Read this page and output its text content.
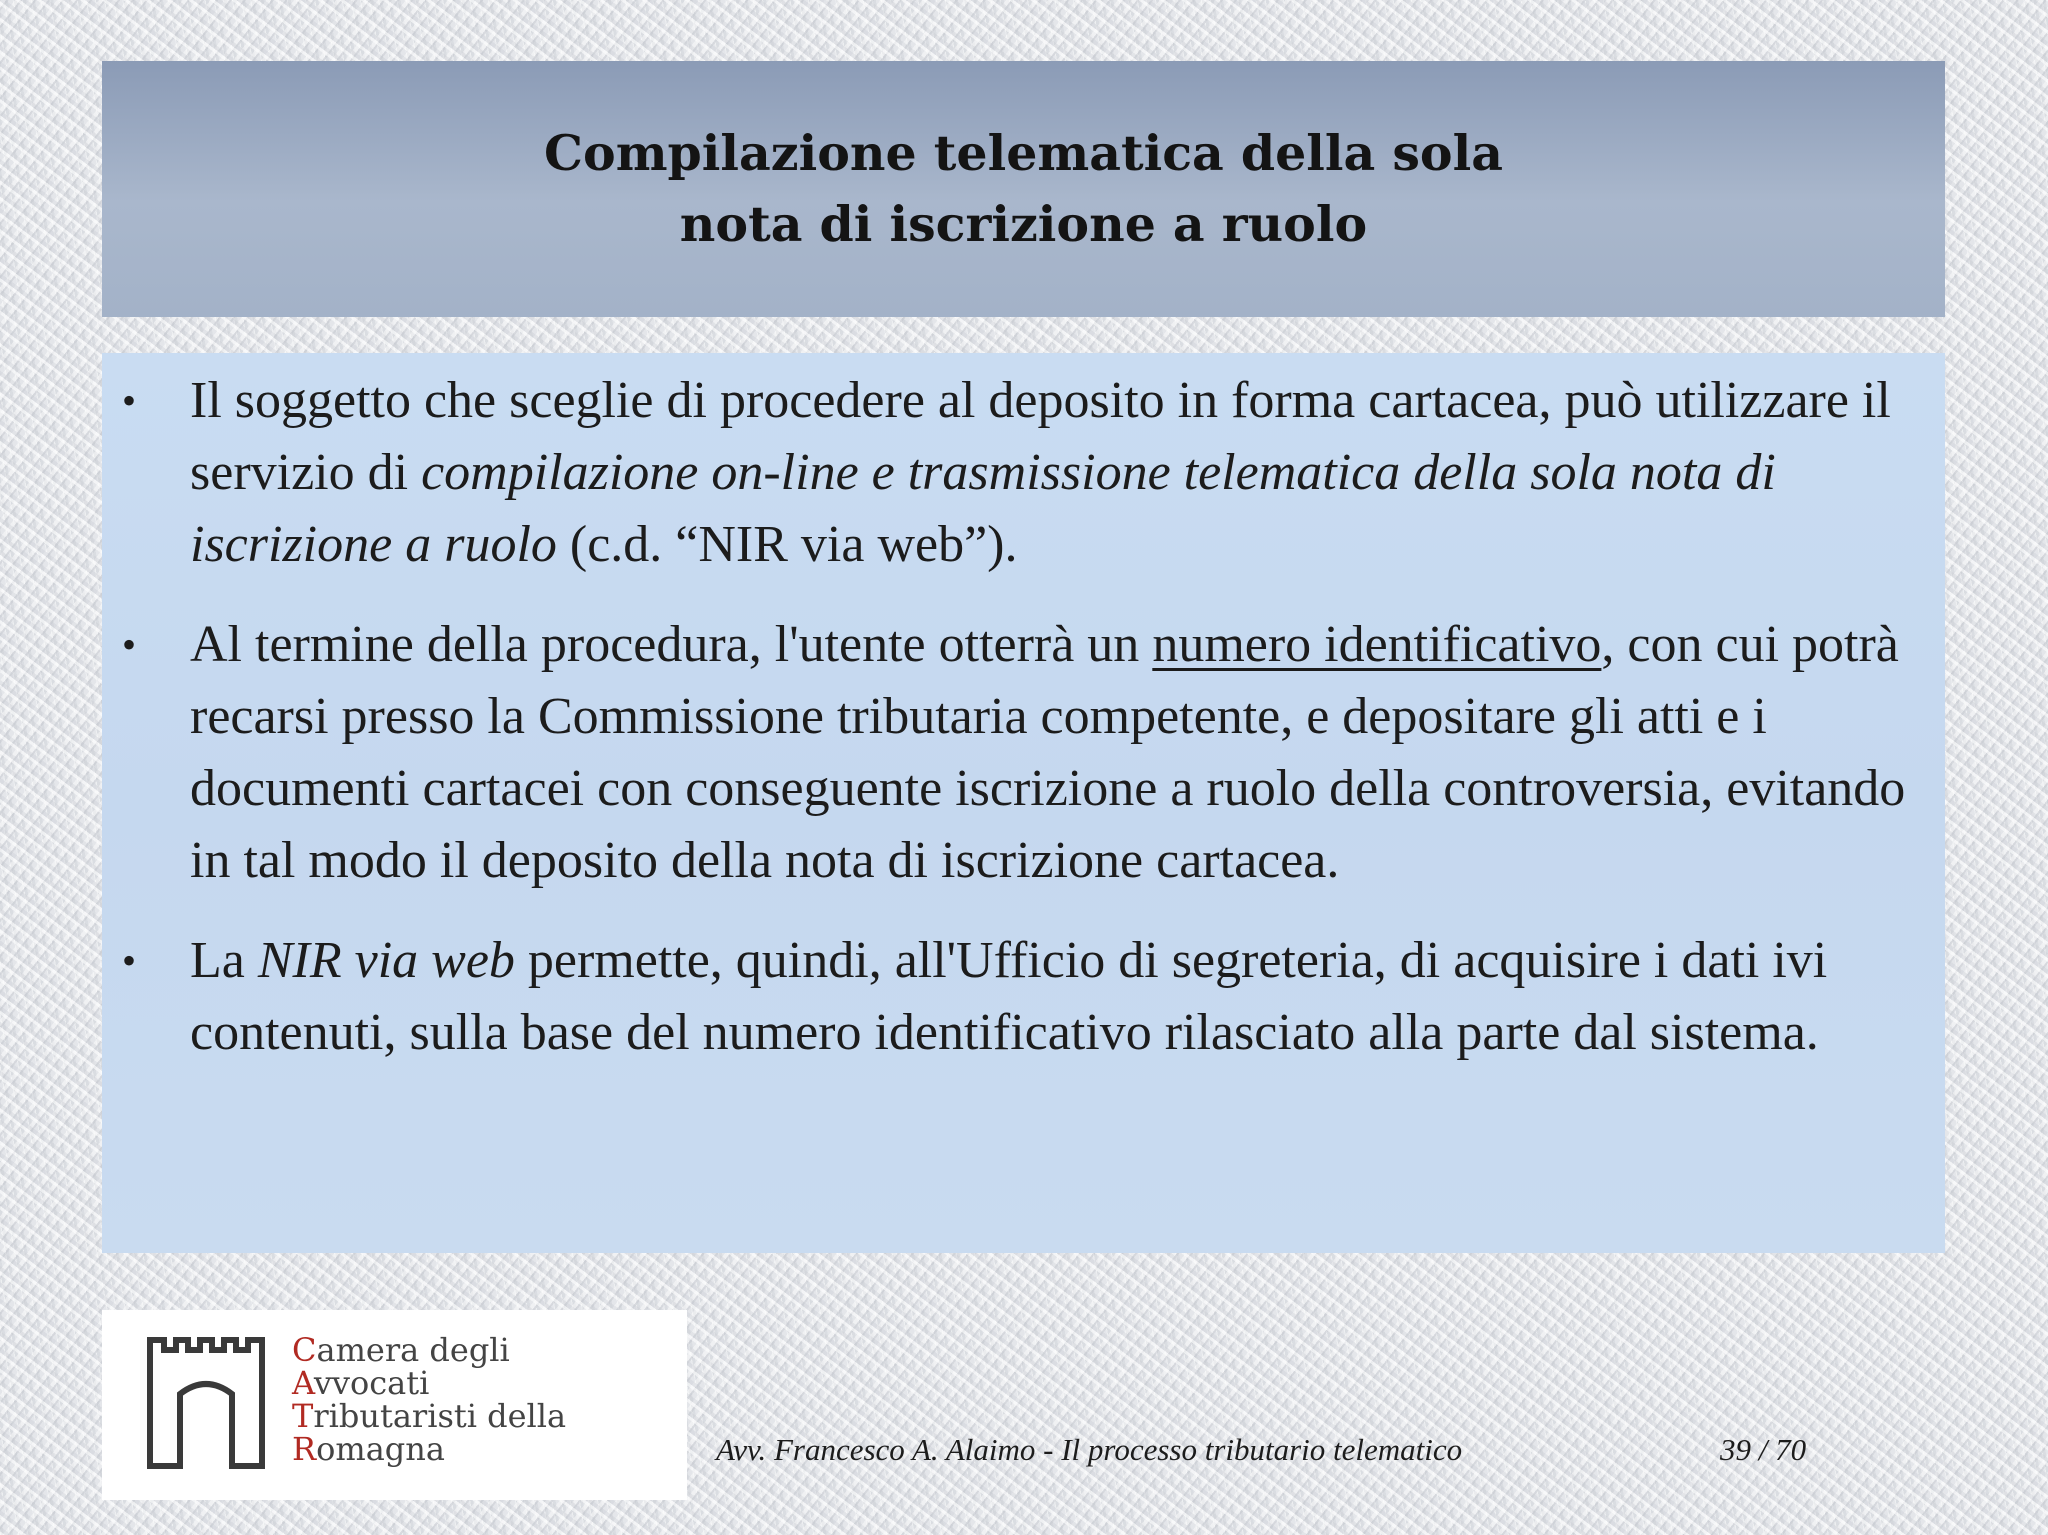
Compilazione telematica della sola
nota di iscrizione a ruolo
• Il soggetto che sceglie di procedere al deposito in forma cartacea, può utilizzare il servizio di compilazione on-line e trasmissione telematica della sola nota di iscrizione a ruolo (c.d. “NIR via web”).
• Al termine della procedura, l'utente otterrà un numero identificativo, con cui potrà recarsi presso la Commissione tributaria competente, e depositare gli atti e i documenti cartacei con conseguente iscrizione a ruolo della controversia, evitando in tal modo il deposito della nota di iscrizione cartacea.
• La NIR via web permette, quindi, all'Ufficio di segreteria, di acquisire i dati ivi contenuti, sulla base del numero identificativo rilasciato alla parte dal sistema.
Camera degli
Avvocati
Tributaristi della
Romagna	Avv. Francesco A. Alaimo - Il processo tributario telematico	39 / 70
